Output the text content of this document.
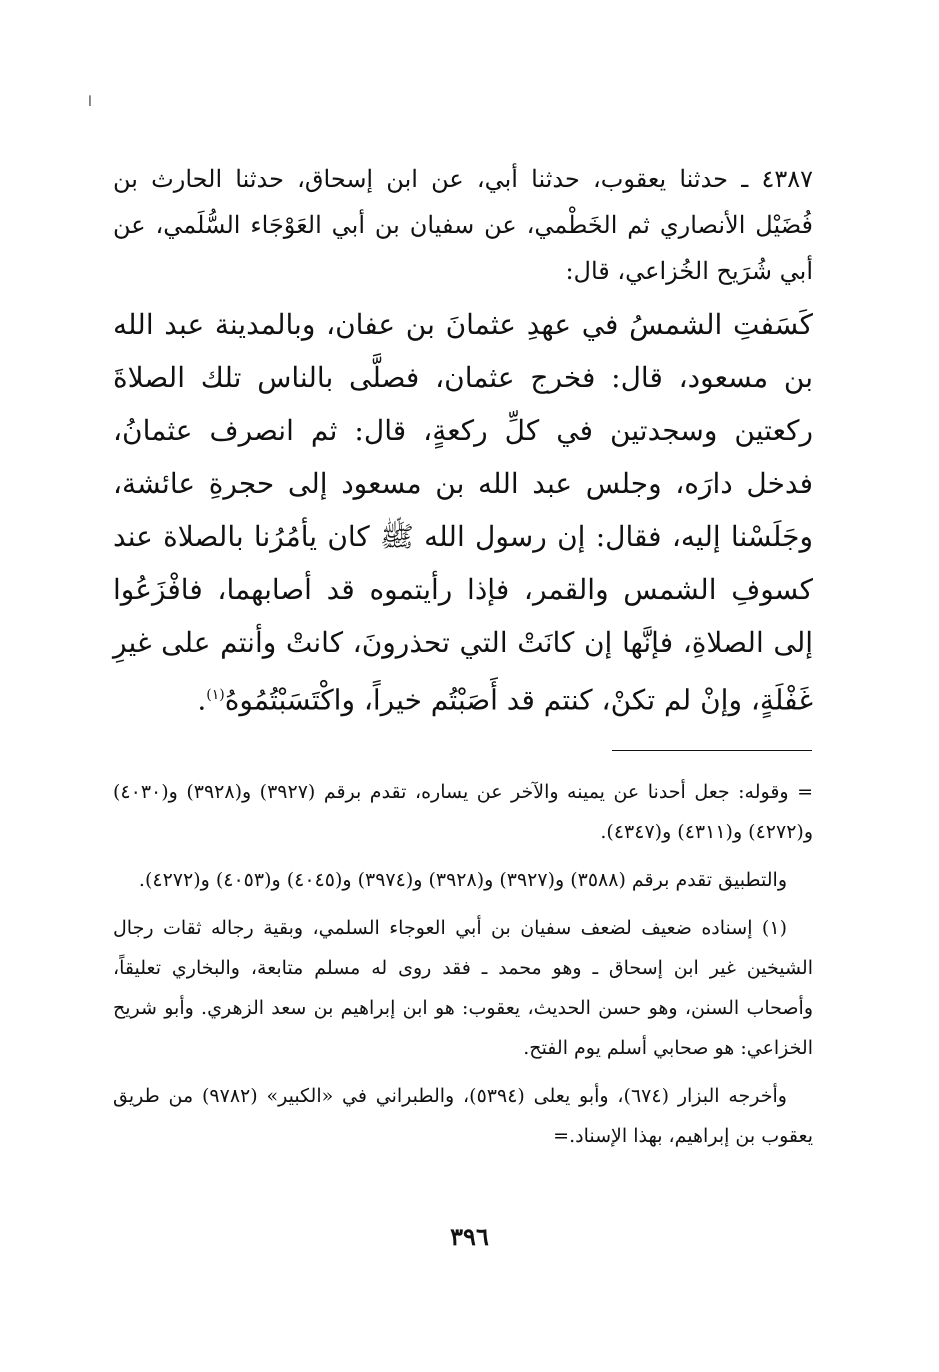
ا

٤٣٨٧ ـ حدثنا يعقوب، حدثنا أبي، عن ابن إسحاق، حدثنا الحارث بن فُضَيْل الأنصاري ثم الخَطْمي، عن سفيان بن أبي العَوْجَاء السُّلَمي، عن أبي شُرَيح الخُزاعي، قال:

كَسَفتِ الشمسُ في عهدِ عثمانَ بن عفان، وبالمدينة عبد الله بن مسعود، قال: فخرج عثمان، فصلَّى بالناس تلك الصلاةَ ركعتين وسجدتين في كلِّ ركعةٍ، قال: ثم انصرف عثمانُ، فدخل دارَه، وجلس عبد الله بن مسعود إلى حجرةِ عائشة، وجَلَسْنا إليه، فقال: إن رسول الله ﷺ كان يأمُرُنا بالصلاة عند كسوفِ الشمس والقمر، فإذا رأيتموه قد أصابهما، فافْزَعُوا إلى الصلاةِ، فإنَّها إن كانَتْ التي تحذرونَ، كانتْ وأنتم على غيرِ غَفْلَةٍ، وإنْ لم تكنْ، كنتم قد أَصَبْتُم خيراً، واكْتَسَبْتُمُوهُ$^{(١)}$.

= وقوله: جعل أحدنا عن يمينه والآخر عن يساره، تقدم برقم (٣٩٢٧) و(٣٩٢٨) و(٤٠٣٠) و(٤٢٧٢) و(٤٣١١) و(٤٣٤٧).

والتطبيق تقدم برقم (٣٥٨٨) و(٣٩٢٧) و(٣٩٢٨) و(٣٩٧٤) و(٤٠٤٥) و(٤٠٥٣) و(٤٢٧٢).

(١) إسناده ضعيف لضعف سفيان بن أبي العوجاء السلمي، وبقية رجاله ثقات رجال الشيخين غير ابن إسحاق ـ وهو محمد ـ فقد روى له مسلم متابعة، والبخاري تعليقاً، وأصحاب السنن، وهو حسن الحديث، يعقوب: هو ابن إبراهيم بن سعد الزهري. وأبو شريح الخزاعي: هو صحابي أسلم يوم الفتح.

وأخرجه البزار (٦٧٤)، وأبو يعلى (٥٣٩٤)، والطبراني في «الكبير» (٩٧٨٢) من طريق يعقوب بن إبراهيم، بهذا الإسناد.=

٣٩٦
